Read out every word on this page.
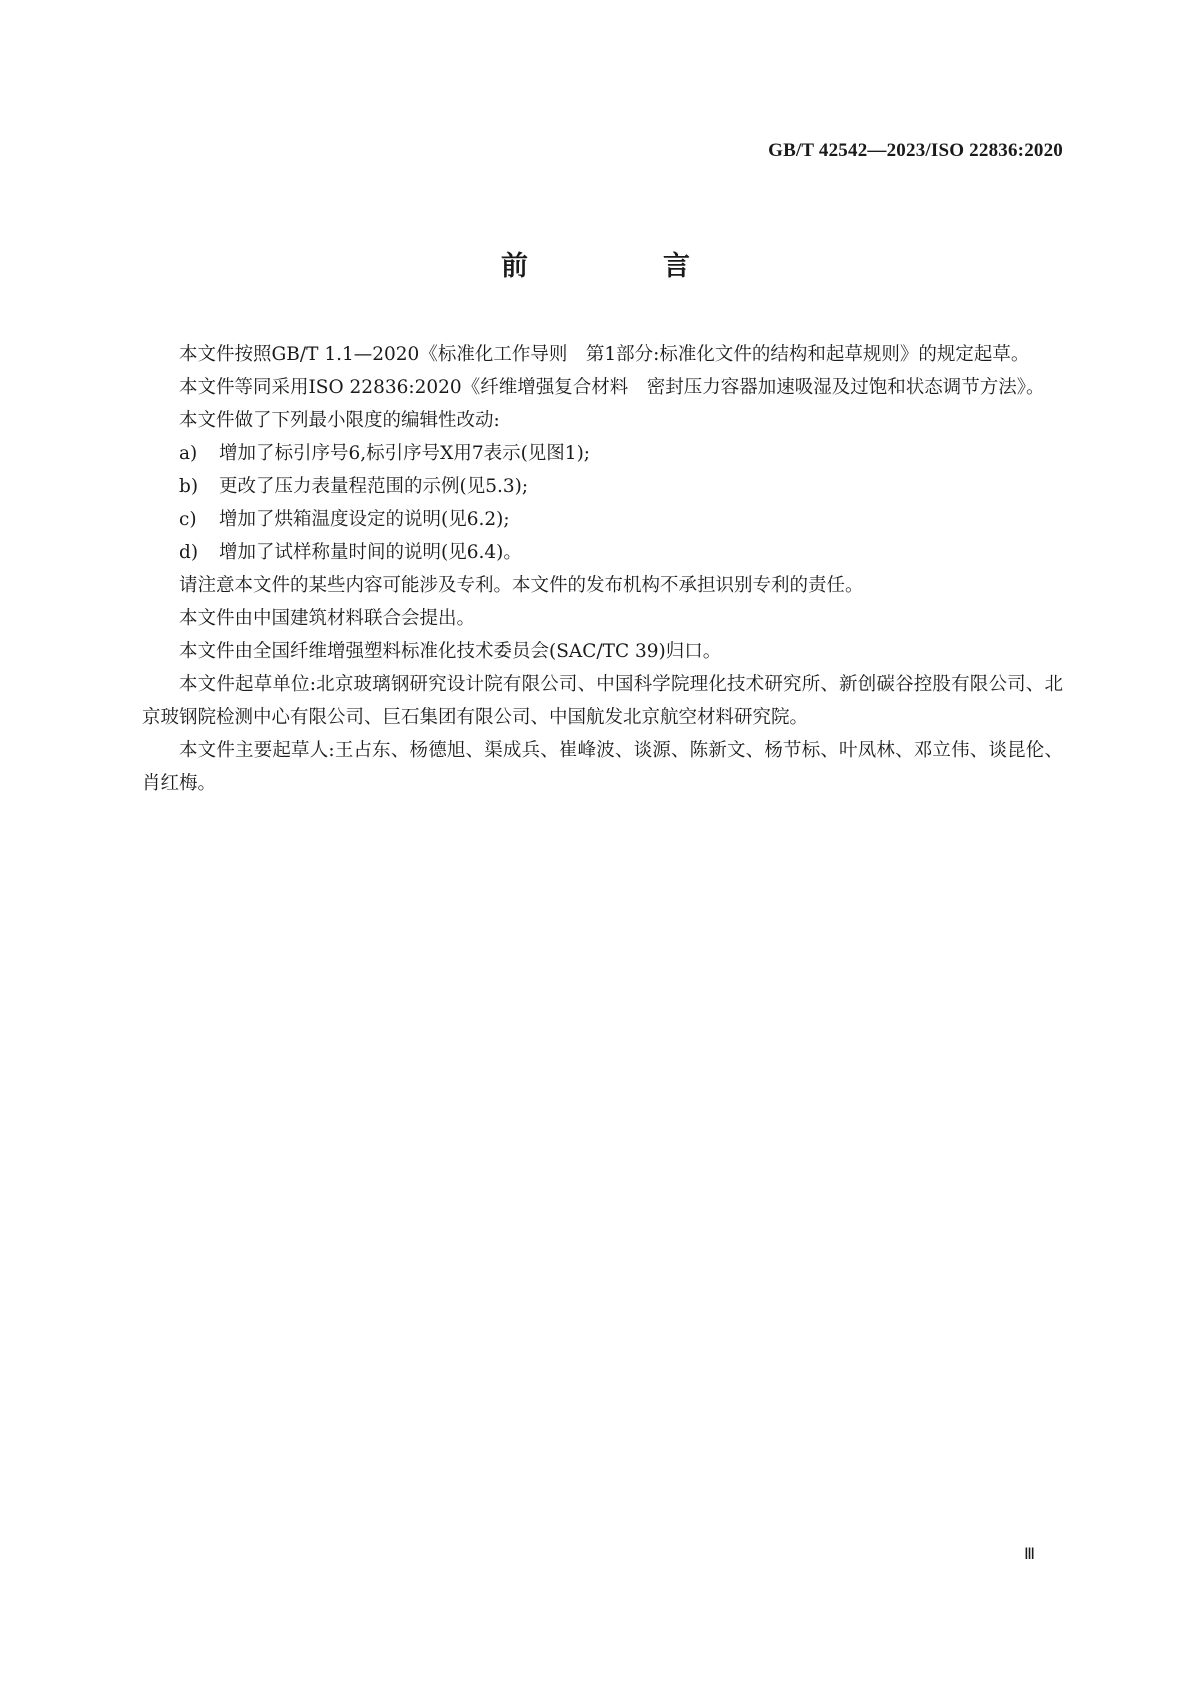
GB/T 42542—2023/ISO 22836:2020
前　言

本文件按照GB/T 1.1—2020《标准化工作导则　第1部分:标准化文件的结构和起草规则》的规定起草。

本文件等同采用ISO 22836:2020《纤维增强复合材料　密封压力容器加速吸湿及过饱和状态调节方法》。

本文件做了下列最小限度的编辑性改动:

a) 增加了标引序号6,标引序号X用7表示(见图1);

b) 更改了压力表量程范围的示例(见5.3);

c) 增加了烘箱温度设定的说明(见6.2);

d) 增加了试样称量时间的说明(见6.4)。

请注意本文件的某些内容可能涉及专利。本文件的发布机构不承担识别专利的责任。

本文件由中国建筑材料联合会提出。

本文件由全国纤维增强塑料标准化技术委员会(SAC/TC 39)归口。

本文件起草单位:北京玻璃钢研究设计院有限公司、中国科学院理化技术研究所、新创碳谷控股有限公司、北京玻钢院检测中心有限公司、巨石集团有限公司、中国航发北京航空材料研究院。

本文件主要起草人:王占东、杨德旭、渠成兵、崔峰波、谈源、陈新文、杨节标、叶凤林、邓立伟、谈昆伦、肖红梅。

Ⅲ
